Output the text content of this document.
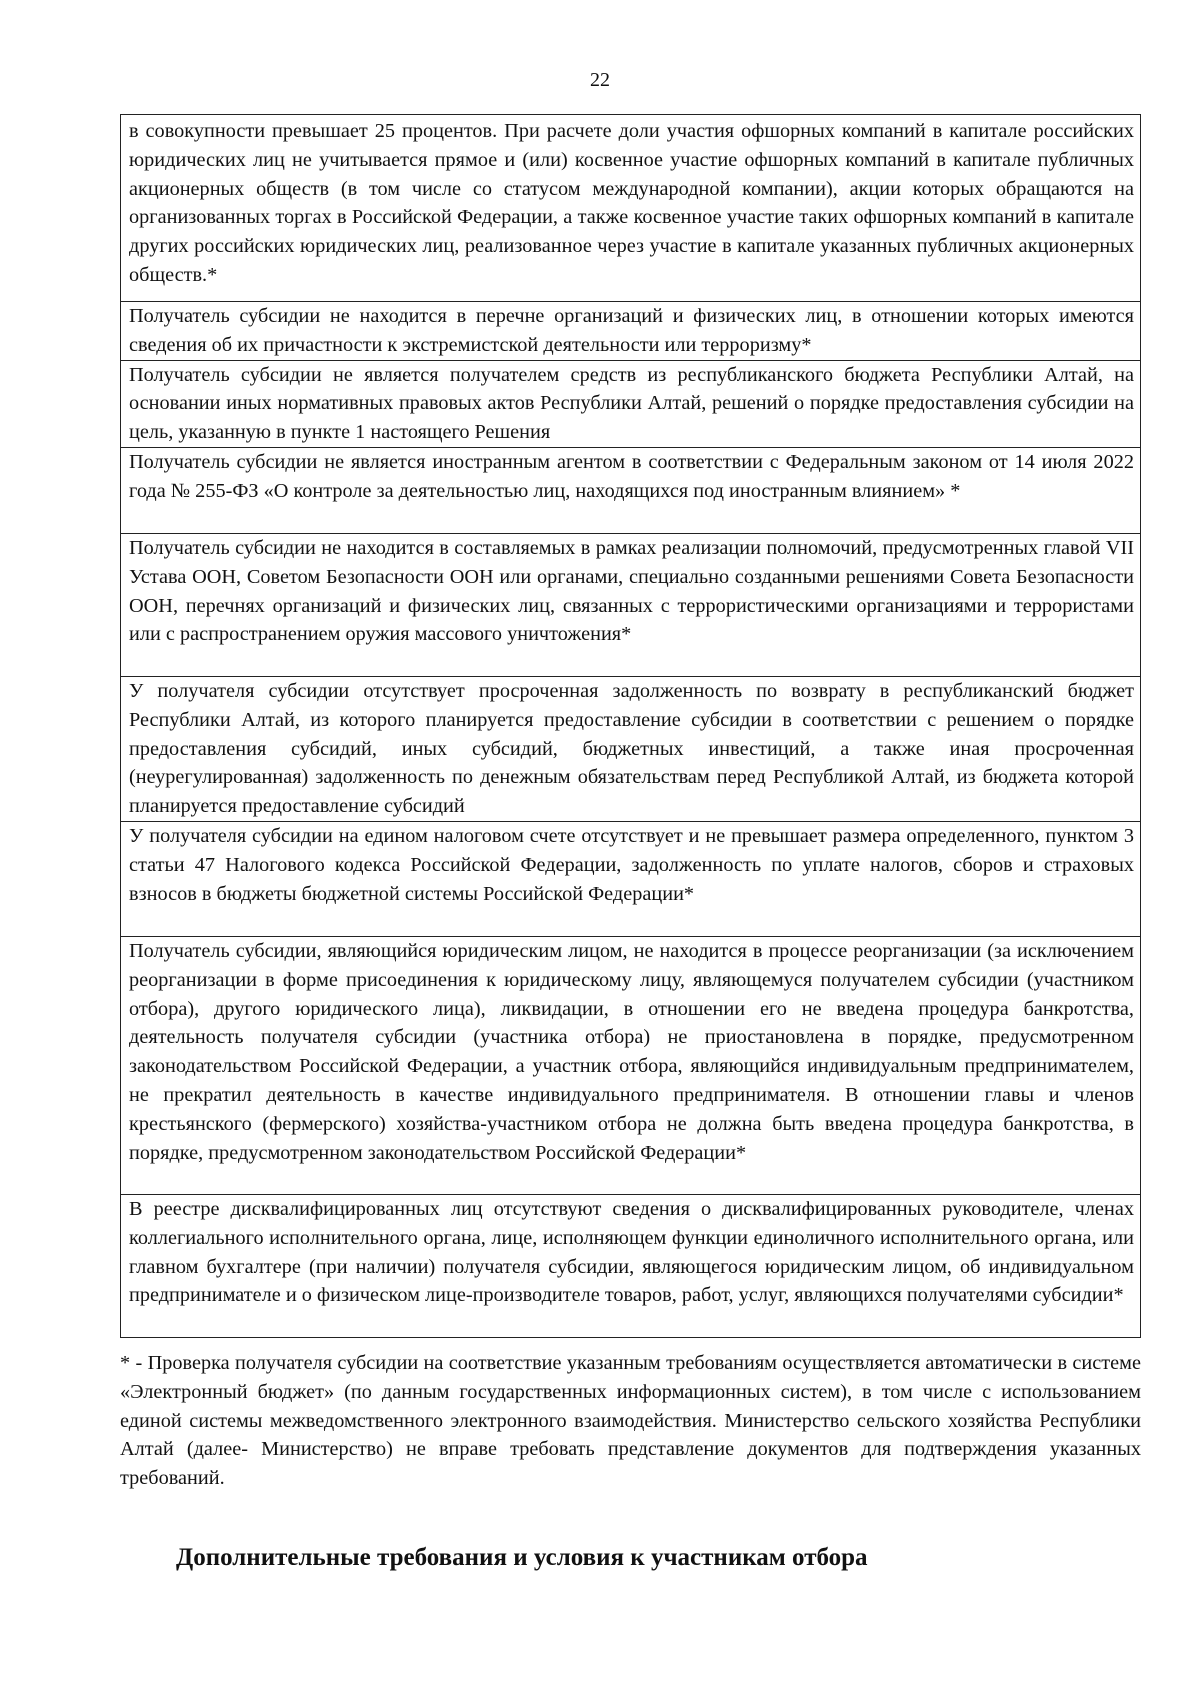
22
в совокупности превышает 25 процентов. При расчете доли участия офшорных компаний в капитале российских юридических лиц не учитывается прямое и (или) косвенное участие офшорных компаний в капитале публичных акционерных обществ (в том числе со статусом международной компании), акции которых обращаются на организованных торгах в Российской Федерации, а также косвенное участие таких офшорных компаний в капитале других российских юридических лиц, реализованное через участие в капитале указанных публичных акционерных обществ.*
Получатель субсидии не находится в перечне организаций и физических лиц, в отношении которых имеются сведения об их причастности к экстремистской деятельности или терроризму*
Получатель субсидии не является получателем средств из республиканского бюджета Республики Алтай, на основании иных нормативных правовых актов Республики Алтай, решений о порядке предоставления субсидии на цель, указанную в пункте 1 настоящего Решения
Получатель субсидии не является иностранным агентом в соответствии с Федеральным законом от 14 июля 2022 года № 255-ФЗ «О контроле за деятельностью лиц, находящихся под иностранным влиянием» *
Получатель субсидии не находится в составляемых в рамках реализации полномочий, предусмотренных главой VII Устава ООН, Советом Безопасности ООН или органами, специально созданными решениями Совета Безопасности ООН, перечнях организаций и физических лиц, связанных с террористическими организациями и террористами или с распространением оружия массового уничтожения*
У получателя субсидии отсутствует просроченная задолженность по возврату в республиканский бюджет Республики Алтай, из которого планируется предоставление субсидии в соответствии с решением о порядке предоставления субсидий, иных субсидий, бюджетных инвестиций, а также иная просроченная (неурегулированная) задолженность по денежным обязательствам перед Республикой Алтай, из бюджета которой планируется предоставление субсидий
У получателя субсидии на едином налоговом счете отсутствует и не превышает размера определенного, пунктом 3 статьи 47 Налогового кодекса Российской Федерации, задолженность по уплате налогов, сборов и страховых взносов в бюджеты бюджетной системы Российской Федерации*
Получатель субсидии, являющийся юридическим лицом, не находится в процессе реорганизации (за исключением реорганизации в форме присоединения к юридическому лицу, являющемуся получателем субсидии (участником отбора), другого юридического лица), ликвидации, в отношении его не введена процедура банкротства, деятельность получателя субсидии (участника отбора) не приостановлена в порядке, предусмотренном законодательством Российской Федерации, а участник отбора, являющийся индивидуальным предпринимателем, не прекратил деятельность в качестве индивидуального предпринимателя. В отношении главы и членов крестьянского (фермерского) хозяйства-участником отбора не должна быть введена процедура банкротства, в порядке, предусмотренном законодательством Российской Федерации*
В реестре дисквалифицированных лиц отсутствуют сведения о дисквалифицированных руководителе, членах коллегиального исполнительного органа, лице, исполняющем функции единоличного исполнительного органа, или главном бухгалтере (при наличии) получателя субсидии, являющегося юридическим лицом, об индивидуальном предпринимателе и о физическом лице-производителе товаров, работ, услуг, являющихся получателями субсидии*
* - Проверка получателя субсидии на соответствие указанным требованиям осуществляется автоматически в системе «Электронный бюджет» (по данным государственных информационных систем), в том числе с использованием единой системы межведомственного электронного взаимодействия. Министерство сельского хозяйства Республики Алтай (далее- Министерство) не вправе требовать представление документов для подтверждения указанных требований.
Дополнительные требования и условия к участникам отбора
